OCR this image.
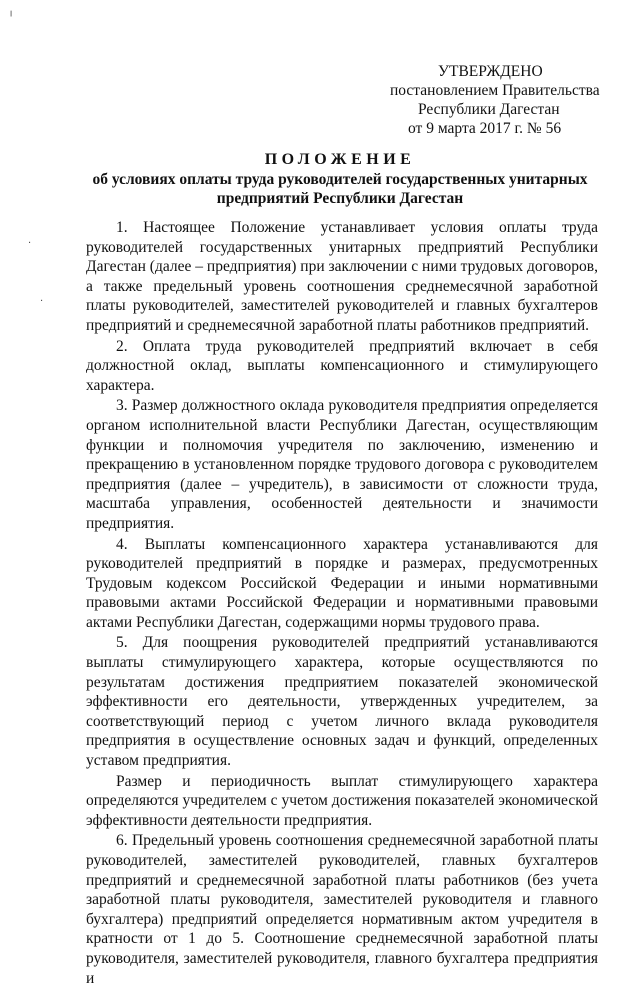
УТВЕРЖДЕНО
постановлением Правительства
Республики Дагестан
от 9 марта 2017 г. № 56
ПОЛОЖЕНИЕ
об условиях оплаты труда руководителей государственных унитарных
предприятий Республики Дагестан

1. Настоящее Положение устанавливает условия оплаты труда руководителей государственных унитарных предприятий Республики Дагестан (далее – предприятия) при заключении с ними трудовых договоров, а также предельный уровень соотношения среднемесячной заработной платы руководителей, заместителей руководителей и главных бухгалтеров предприятий и среднемесячной заработной платы работников предприятий.

2. Оплата труда руководителей предприятий включает в себя должностной оклад, выплаты компенсационного и стимулирующего характера.

3. Размер должностного оклада руководителя предприятия определяется органом исполнительной власти Республики Дагестан, осуществляющим функции и полномочия учредителя по заключению, изменению и прекращению в установленном порядке трудового договора с руководителем предприятия (далее – учредитель), в зависимости от сложности труда, масштаба управления, особенностей деятельности и значимости предприятия.

4. Выплаты компенсационного характера устанавливаются для руководителей предприятий в порядке и размерах, предусмотренных Трудовым кодексом Российской Федерации и иными нормативными правовыми актами Российской Федерации и нормативными правовыми актами Республики Дагестан, содержащими нормы трудового права.

5. Для поощрения руководителей предприятий устанавливаются выплаты стимулирующего характера, которые осуществляются по результатам достижения предприятием показателей экономической эффективности его деятельности, утвержденных учредителем, за соответствующий период с учетом личного вклада руководителя предприятия в осуществление основных задач и функций, определенных уставом предприятия.

Размер и периодичность выплат стимулирующего характера определяются учредителем с учетом достижения показателей экономической эффективности деятельности предприятия.

6. Предельный уровень соотношения среднемесячной заработной платы руководителей, заместителей руководителей, главных бухгалтеров предприятий и среднемесячной заработной платы работников (без учета заработной платы руководителя, заместителей руководителя и главного бухгалтера) предприятий определяется нормативным актом учредителя в кратности от 1 до 5. Соотношение среднемесячной заработной платы руководителя, заместителей руководителя, главного бухгалтера предприятия и

╷
·
·
